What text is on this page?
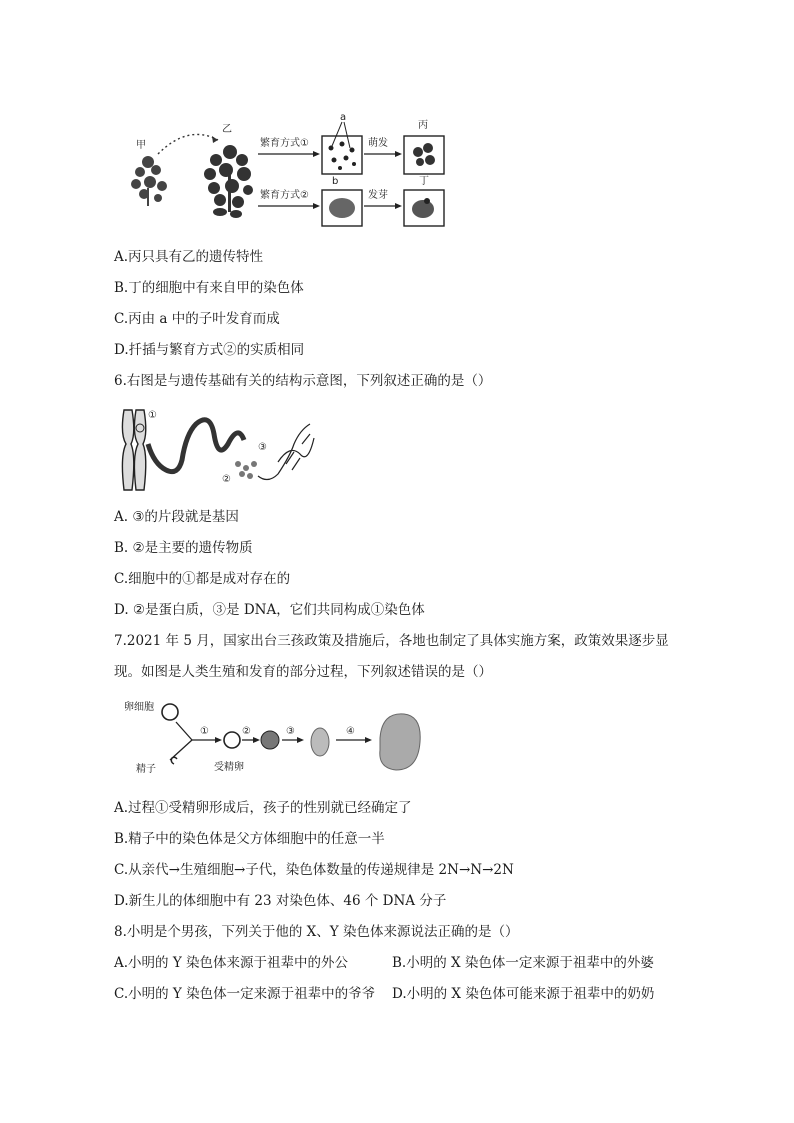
甲
乙
繁育方式①
繁育方式②
a
萌发
丙
b
发芽
丁
A.丙只具有乙的遗传特性
B.丁的细胞中有来自甲的染色体
C.丙由 a 中的子叶发育而成
D.扦插与繁育方式②的实质相同
6.右图是与遗传基础有关的结构示意图，下列叙述正确的是（）
①
②
③
A. ③的片段就是基因
B. ②是主要的遗传物质
C.细胞中的①都是成对存在的
D. ②是蛋白质，③是 DNA，它们共同构成①染色体
7.2021 年 5 月，国家出台三孩政策及措施后，各地也制定了具体实施方案，政策效果逐步显
现。如图是人类生殖和发育的部分过程，下列叙述错误的是（）
卵细胞
精子
①
受精卵
②	③	④
A.过程①受精卵形成后，孩子的性别就已经确定了
B.精子中的染色体是父方体细胞中的任意一半
C.从亲代→生殖细胞→子代，染色体数量的传递规律是 2N→N→2N
D.新生儿的体细胞中有 23 对染色体、46 个 DNA 分子
8.小明是个男孩，下列关于他的 X、Y 染色体来源说法正确的是（）
A.小明的 Y 染色体来源于祖辈中的外公	B.小明的 X 染色体一定来源于祖辈中的外婆
C.小明的 Y 染色体一定来源于祖辈中的爷爷 D.小明的 X 染色体可能来源于祖辈中的奶奶
